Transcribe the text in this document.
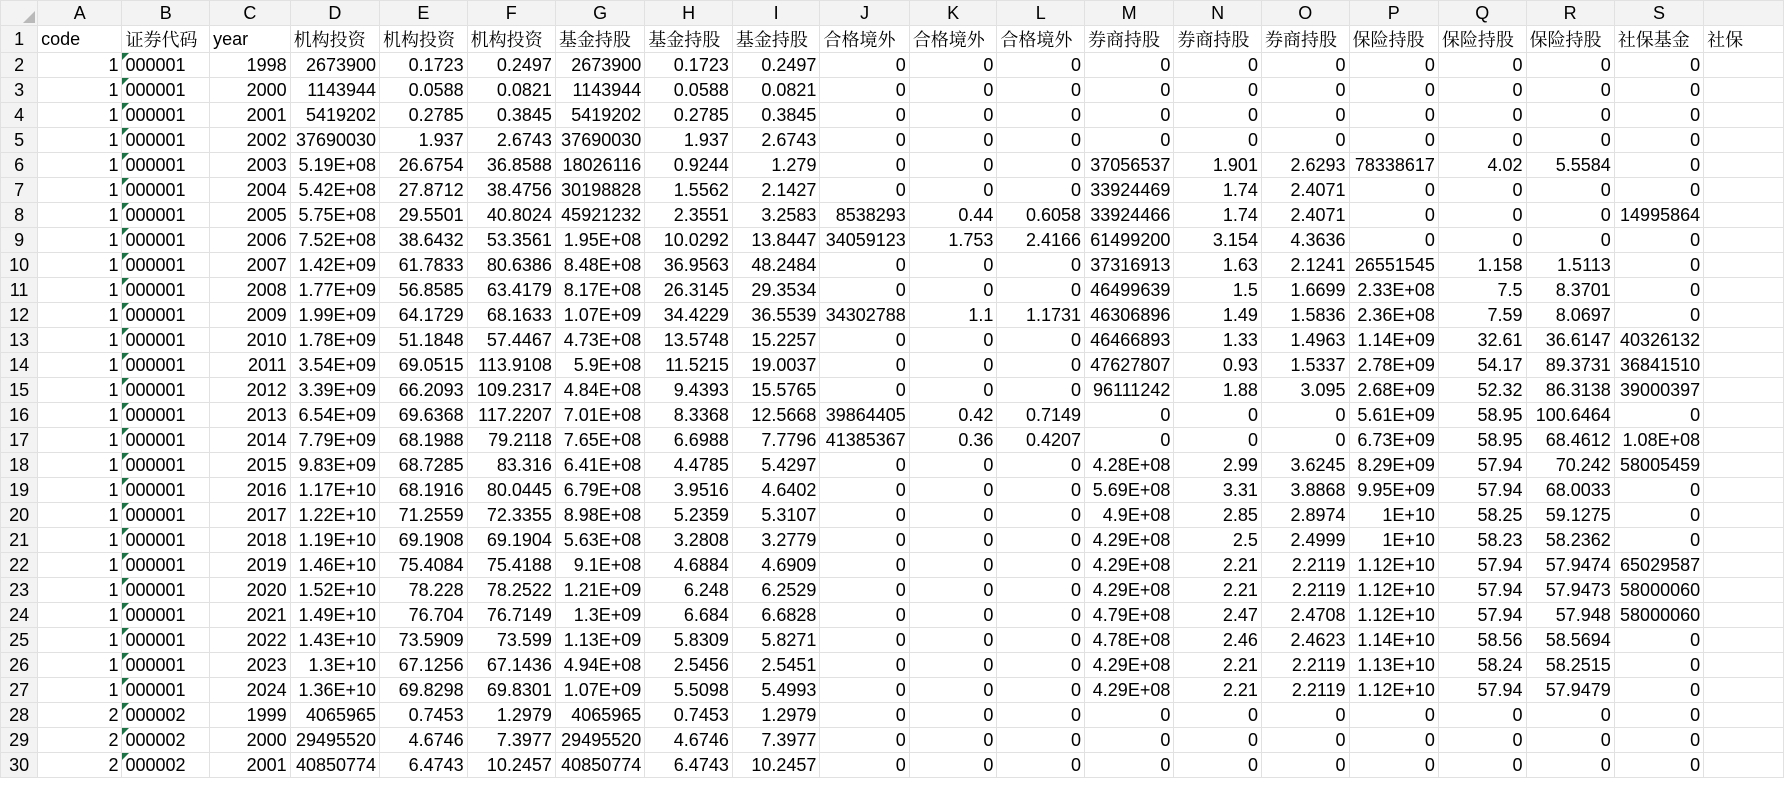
	A	B	C	D	E	F	G	H	I	J	K	L	M	N	O	P	Q	R	S	
1	code	证券代码	year	机构投资	机构投资	机构投资	基金持股	基金持股	基金持股	合格境外	合格境外	合格境外	券商持股	券商持股	券商持股	保险持股	保险持股	保险持股	社保基金	社保
2	1	000001	1998	2673900	0.1723	0.2497	2673900	0.1723	0.2497	0	0	0	0	0	0	0	0	0	0	
3	1	000001	2000	1143944	0.0588	0.0821	1143944	0.0588	0.0821	0	0	0	0	0	0	0	0	0	0	
4	1	000001	2001	5419202	0.2785	0.3845	5419202	0.2785	0.3845	0	0	0	0	0	0	0	0	0	0	
5	1	000001	2002	37690030	1.937	2.6743	37690030	1.937	2.6743	0	0	0	0	0	0	0	0	0	0	
6	1	000001	2003	5.19E+08	26.6754	36.8588	18026116	0.9244	1.279	0	0	0	37056537	1.901	2.6293	78338617	4.02	5.5584	0	
7	1	000001	2004	5.42E+08	27.8712	38.4756	30198828	1.5562	2.1427	0	0	0	33924469	1.74	2.4071	0	0	0	0	
8	1	000001	2005	5.75E+08	29.5501	40.8024	45921232	2.3551	3.2583	8538293	0.44	0.6058	33924466	1.74	2.4071	0	0	0	14995864	
9	1	000001	2006	7.52E+08	38.6432	53.3561	1.95E+08	10.0292	13.8447	34059123	1.753	2.4166	61499200	3.154	4.3636	0	0	0	0	
10	1	000001	2007	1.42E+09	61.7833	80.6386	8.48E+08	36.9563	48.2484	0	0	0	37316913	1.63	2.1241	26551545	1.158	1.5113	0	
11	1	000001	2008	1.77E+09	56.8585	63.4179	8.17E+08	26.3145	29.3534	0	0	0	46499639	1.5	1.6699	2.33E+08	7.5	8.3701	0	
12	1	000001	2009	1.99E+09	64.1729	68.1633	1.07E+09	34.4229	36.5539	34302788	1.1	1.1731	46306896	1.49	1.5836	2.36E+08	7.59	8.0697	0	
13	1	000001	2010	1.78E+09	51.1848	57.4467	4.73E+08	13.5748	15.2257	0	0	0	46466893	1.33	1.4963	1.14E+09	32.61	36.6147	40326132	
14	1	000001	2011	3.54E+09	69.0515	113.9108	5.9E+08	11.5215	19.0037	0	0	0	47627807	0.93	1.5337	2.78E+09	54.17	89.3731	36841510	
15	1	000001	2012	3.39E+09	66.2093	109.2317	4.84E+08	9.4393	15.5765	0	0	0	96111242	1.88	3.095	2.68E+09	52.32	86.3138	39000397	
16	1	000001	2013	6.54E+09	69.6368	117.2207	7.01E+08	8.3368	12.5668	39864405	0.42	0.7149	0	0	0	5.61E+09	58.95	100.6464	0	
17	1	000001	2014	7.79E+09	68.1988	79.2118	7.65E+08	6.6988	7.7796	41385367	0.36	0.4207	0	0	0	6.73E+09	58.95	68.4612	1.08E+08	
18	1	000001	2015	9.83E+09	68.7285	83.316	6.41E+08	4.4785	5.4297	0	0	0	4.28E+08	2.99	3.6245	8.29E+09	57.94	70.242	58005459	
19	1	000001	2016	1.17E+10	68.1916	80.0445	6.79E+08	3.9516	4.6402	0	0	0	5.69E+08	3.31	3.8868	9.95E+09	57.94	68.0033	0	
20	1	000001	2017	1.22E+10	71.2559	72.3355	8.98E+08	5.2359	5.3107	0	0	0	4.9E+08	2.85	2.8974	1E+10	58.25	59.1275	0	
21	1	000001	2018	1.19E+10	69.1908	69.1904	5.63E+08	3.2808	3.2779	0	0	0	4.29E+08	2.5	2.4999	1E+10	58.23	58.2362	0	
22	1	000001	2019	1.46E+10	75.4084	75.4188	9.1E+08	4.6884	4.6909	0	0	0	4.29E+08	2.21	2.2119	1.12E+10	57.94	57.9474	65029587	
23	1	000001	2020	1.52E+10	78.228	78.2522	1.21E+09	6.248	6.2529	0	0	0	4.29E+08	2.21	2.2119	1.12E+10	57.94	57.9473	58000060	
24	1	000001	2021	1.49E+10	76.704	76.7149	1.3E+09	6.684	6.6828	0	0	0	4.79E+08	2.47	2.4708	1.12E+10	57.94	57.948	58000060	
25	1	000001	2022	1.43E+10	73.5909	73.599	1.13E+09	5.8309	5.8271	0	0	0	4.78E+08	2.46	2.4623	1.14E+10	58.56	58.5694	0	
26	1	000001	2023	1.3E+10	67.1256	67.1436	4.94E+08	2.5456	2.5451	0	0	0	4.29E+08	2.21	2.2119	1.13E+10	58.24	58.2515	0	
27	1	000001	2024	1.36E+10	69.8298	69.8301	1.07E+09	5.5098	5.4993	0	0	0	4.29E+08	2.21	2.2119	1.12E+10	57.94	57.9479	0	
28	2	000002	1999	4065965	0.7453	1.2979	4065965	0.7453	1.2979	0	0	0	0	0	0	0	0	0	0	
29	2	000002	2000	29495520	4.6746	7.3977	29495520	4.6746	7.3977	0	0	0	0	0	0	0	0	0	0	
30	2	000002	2001	40850774	6.4743	10.2457	40850774	6.4743	10.2457	0	0	0	0	0	0	0	0	0	0	
